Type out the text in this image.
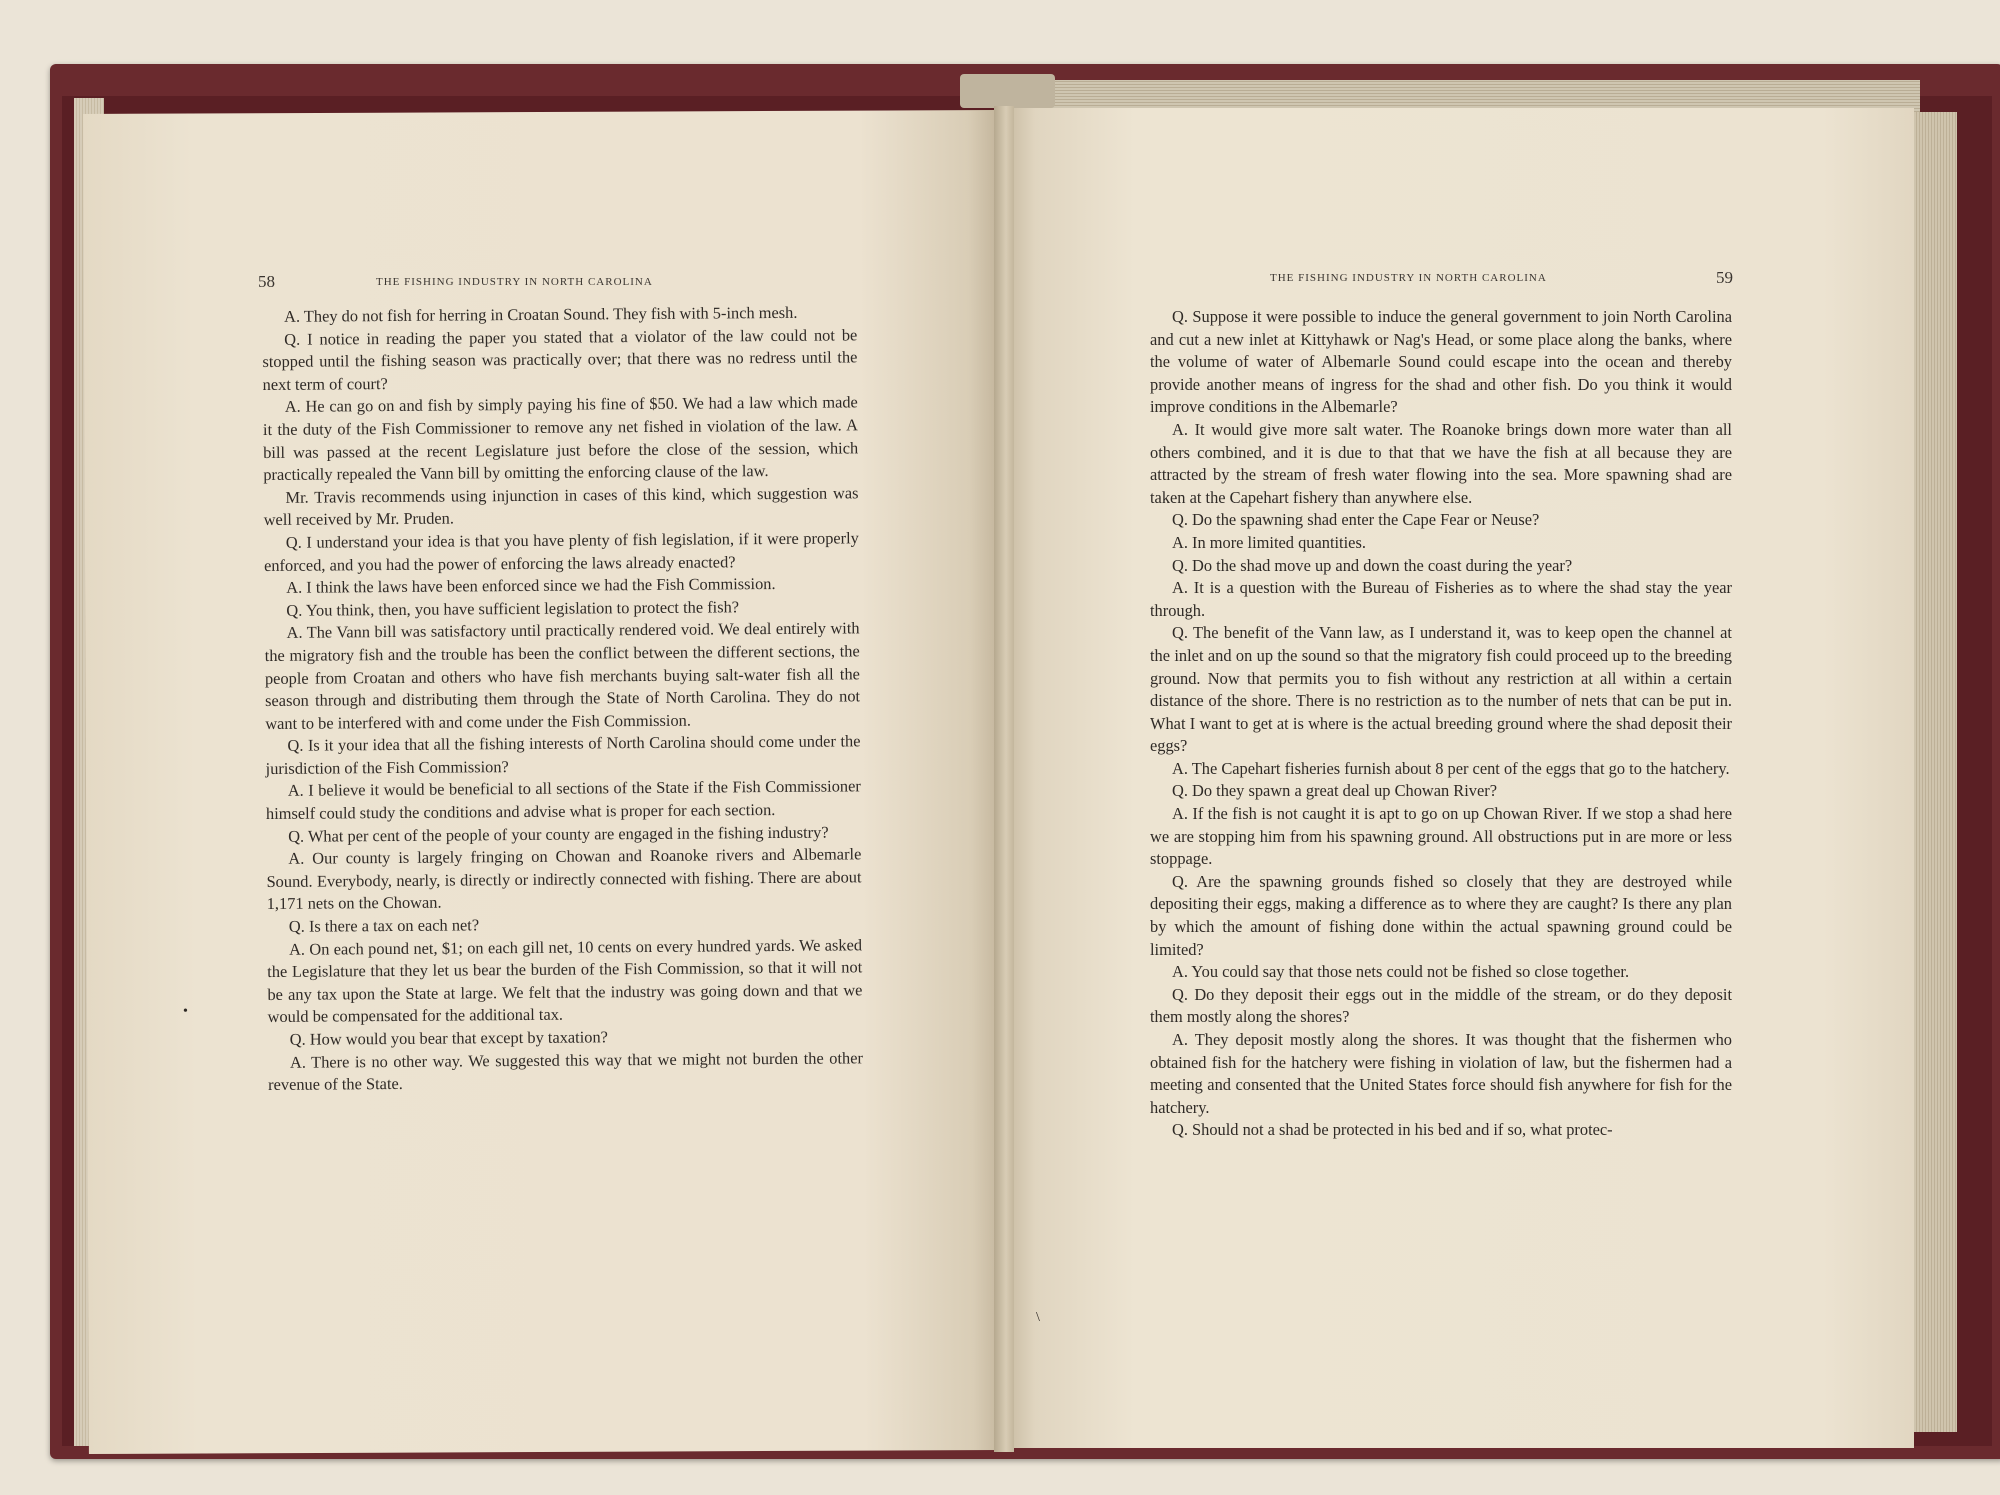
58	THE FISHING INDUSTRY IN NORTH CAROLINA	THE FISHING INDUSTRY IN NORTH CAROLINA	59

A. They do not fish for herring in Croatan Sound. They fish with 5-inch mesh.

Q. I notice in reading the paper you stated that a violator of the law could not be stopped until the fishing season was practically over; that there was no redress until the next term of court?

A. He can go on and fish by simply paying his fine of $50. We had a law which made it the duty of the Fish Commissioner to remove any net fished in violation of the law. A bill was passed at the recent Legislature just before the close of the session, which practically repealed the Vann bill by omitting the enforcing clause of the law.

Mr. Travis recommends using injunction in cases of this kind, which suggestion was well received by Mr. Pruden.

Q. I understand your idea is that you have plenty of fish legislation, if it were properly enforced, and you had the power of enforcing the laws already enacted?

A. I think the laws have been enforced since we had the Fish Commission.

Q. You think, then, you have sufficient legislation to protect the fish?

A. The Vann bill was satisfactory until practically rendered void. We deal entirely with the migratory fish and the trouble has been the conflict between the different sections, the people from Croatan and others who have fish merchants buying salt-water fish all the season through and distributing them through the State of North Carolina. They do not want to be interfered with and come under the Fish Commission.

Q. Is it your idea that all the fishing interests of North Carolina should come under the jurisdiction of the Fish Commission?

A. I believe it would be beneficial to all sections of the State if the Fish Commissioner himself could study the conditions and advise what is proper for each section.

Q. What per cent of the people of your county are engaged in the fishing industry?

A. Our county is largely fringing on Chowan and Roanoke rivers and Albemarle Sound. Everybody, nearly, is directly or indirectly connected with fishing. There are about 1,171 nets on the Chowan.

Q. Is there a tax on each net?

A. On each pound net, $1; on each gill net, 10 cents on every hundred yards. We asked the Legislature that they let us bear the burden of the Fish Commission, so that it will not be any tax upon the State at large. We felt that the industry was going down and that we would be compensated for the additional tax.

Q. How would you bear that except by taxation?

A. There is no other way. We suggested this way that we might not burden the other revenue of the State.

Q. Suppose it were possible to induce the general government to join North Carolina and cut a new inlet at Kittyhawk or Nag's Head, or some place along the banks, where the volume of water of Albemarle Sound could escape into the ocean and thereby provide another means of ingress for the shad and other fish. Do you think it would improve conditions in the Albemarle?

A. It would give more salt water. The Roanoke brings down more water than all others combined, and it is due to that that we have the fish at all because they are attracted by the stream of fresh water flowing into the sea. More spawning shad are taken at the Capehart fishery than anywhere else.

Q. Do the spawning shad enter the Cape Fear or Neuse?

A. In more limited quantities.

Q. Do the shad move up and down the coast during the year?

A. It is a question with the Bureau of Fisheries as to where the shad stay the year through.

Q. The benefit of the Vann law, as I understand it, was to keep open the channel at the inlet and on up the sound so that the migratory fish could proceed up to the breeding ground. Now that permits you to fish without any restriction at all within a certain distance of the shore. There is no restriction as to the number of nets that can be put in. What I want to get at is where is the actual breeding ground where the shad deposit their eggs?

A. The Capehart fisheries furnish about 8 per cent of the eggs that go to the hatchery.

Q. Do they spawn a great deal up Chowan River?

A. If the fish is not caught it is apt to go on up Chowan River. If we stop a shad here we are stopping him from his spawning ground. All obstructions put in are more or less stoppage.

Q. Are the spawning grounds fished so closely that they are destroyed while depositing their eggs, making a difference as to where they are caught? Is there any plan by which the amount of fishing done within the actual spawning ground could be limited?

A. You could say that those nets could not be fished so close together.

Q. Do they deposit their eggs out in the middle of the stream, or do they deposit them mostly along the shores?

A. They deposit mostly along the shores. It was thought that the fishermen who obtained fish for the hatchery were fishing in violation of law, but the fishermen had a meeting and consented that the United States force should fish anywhere for fish for the hatchery.

Q. Should not a shad be protected in his bed and if so, what protec-

•
\
